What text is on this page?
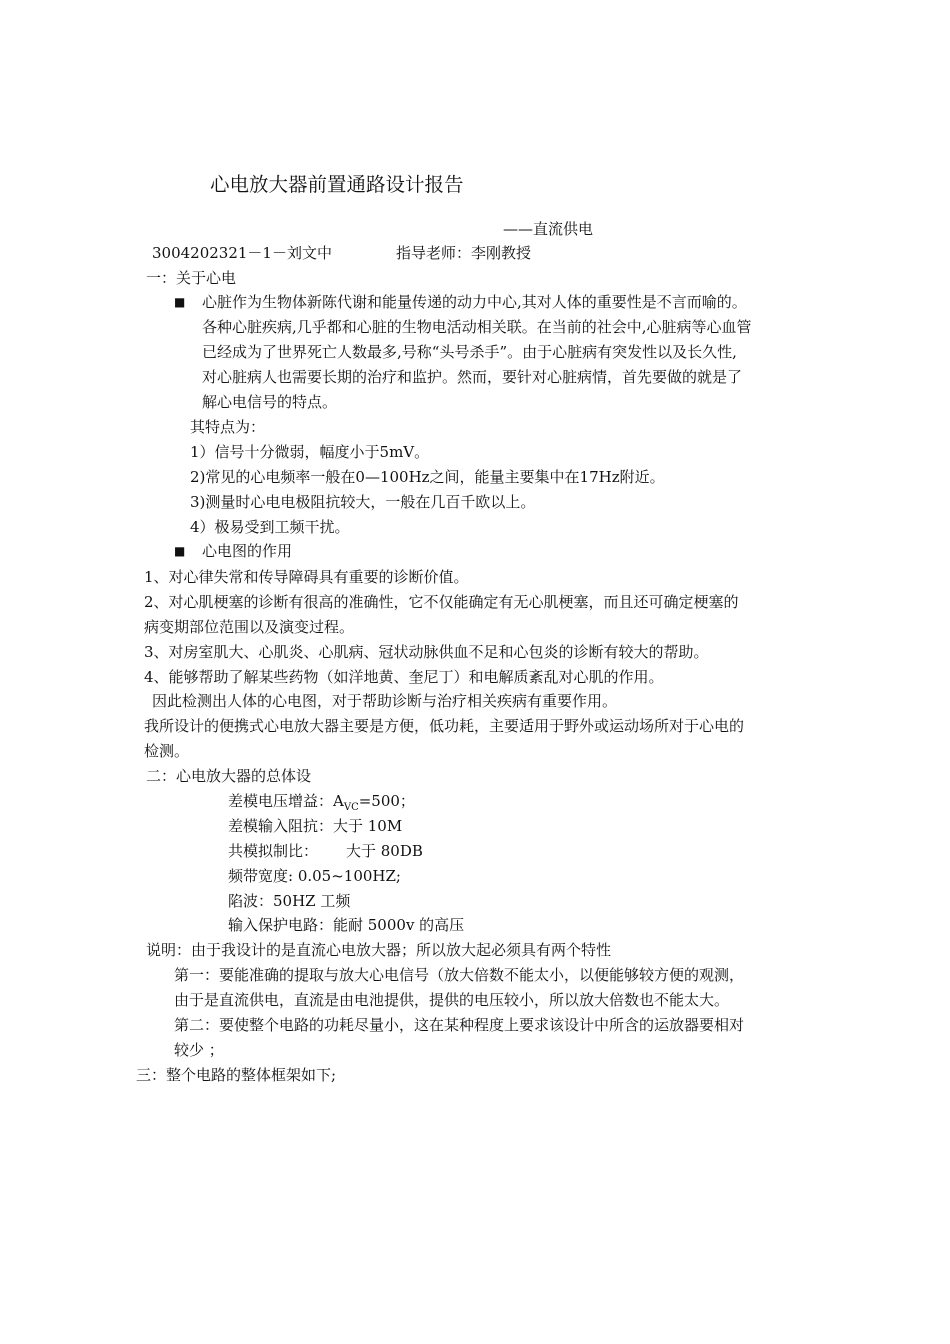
心电放大器前置通路设计报告
——直流供电
3004202321－1－刘文中	指导老师：李刚教授
一：关于心电
■ 心脏作为生物体新陈代谢和能量传递的动力中心,其对人体的重要性是不言而喻的。
各种心脏疾病,几乎都和心脏的生物电活动相关联。在当前的社会中,心脏病等心血管
已经成为了世界死亡人数最多,号称“头号杀手”。由于心脏病有突发性以及长久性,
对心脏病人也需要长期的治疗和监护。然而，要针对心脏病情，首先要做的就是了
解心电信号的特点。
其特点为：
1）信号十分微弱，幅度小于5mV。
2)常见的心电频率一般在0—100Hz之间，能量主要集中在17Hz附近。
3)测量时心电电极阻抗较大，一般在几百千欧以上。
4）极易受到工频干扰。
■ 心电图的作用
1、对心律失常和传导障碍具有重要的诊断价值。
2、对心肌梗塞的诊断有很高的准确性，它不仅能确定有无心肌梗塞，而且还可确定梗塞的
病变期部位范围以及演变过程。
3、对房室肌大、心肌炎、心肌病、冠状动脉供血不足和心包炎的诊断有较大的帮助。
4、能够帮助了解某些药物（如洋地黄、奎尼丁）和电解质紊乱对心肌的作用。
因此检测出人体的心电图，对于帮助诊断与治疗相关疾病有重要作用。
我所设计的便携式心电放大器主要是方便，低功耗，主要适用于野外或运动场所对于心电的
检测。
二：心电放大器的总体设
差模电压增益：$A_{VC}=500$；
差模输入阻抗：大于 10M
共模拟制比： 大于 80DB
频带宽度: 0.05~100HZ;
陷波：50HZ 工频
输入保护电路：能耐 5000v 的高压
说明：由于我设计的是直流心电放大器；所以放大起必须具有两个特性
第一：要能准确的提取与放大心电信号（放大倍数不能太小，以便能够较方便的观测，
由于是直流供电，直流是由电池提供，提供的电压较小，所以放大倍数也不能太大。
第二：要使整个电路的功耗尽量小，这在某种程度上要求该设计中所含的运放器要相对
较少 ；
三：整个电路的整体框架如下;
